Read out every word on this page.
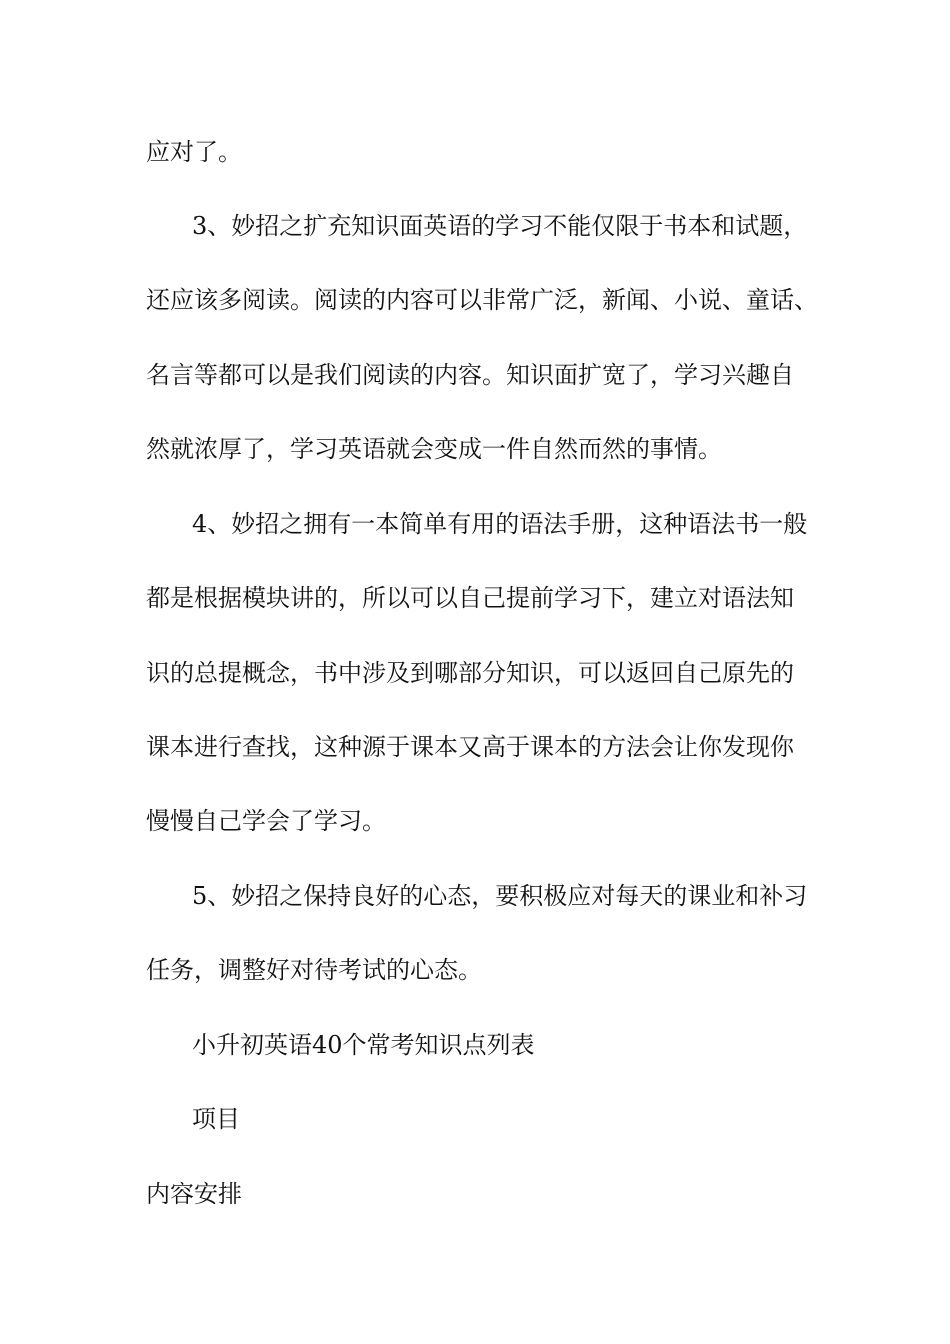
应对了。
3、妙招之扩充知识面英语的学习不能仅限于书本和试题，
还应该多阅读。阅读的内容可以非常广泛，新闻、小说、童话、
名言等都可以是我们阅读的内容。知识面扩宽了，学习兴趣自
然就浓厚了，学习英语就会变成一件自然而然的事情。
4、妙招之拥有一本简单有用的语法手册，这种语法书一般
都是根据模块讲的，所以可以自己提前学习下，建立对语法知
识的总提概念，书中涉及到哪部分知识，可以返回自己原先的
课本进行查找，这种源于课本又高于课本的方法会让你发现你
慢慢自己学会了学习。
5、妙招之保持良好的心态，要积极应对每天的课业和补习
任务，调整好对待考试的心态。
小升初英语40个常考知识点列表
项目
内容安排
